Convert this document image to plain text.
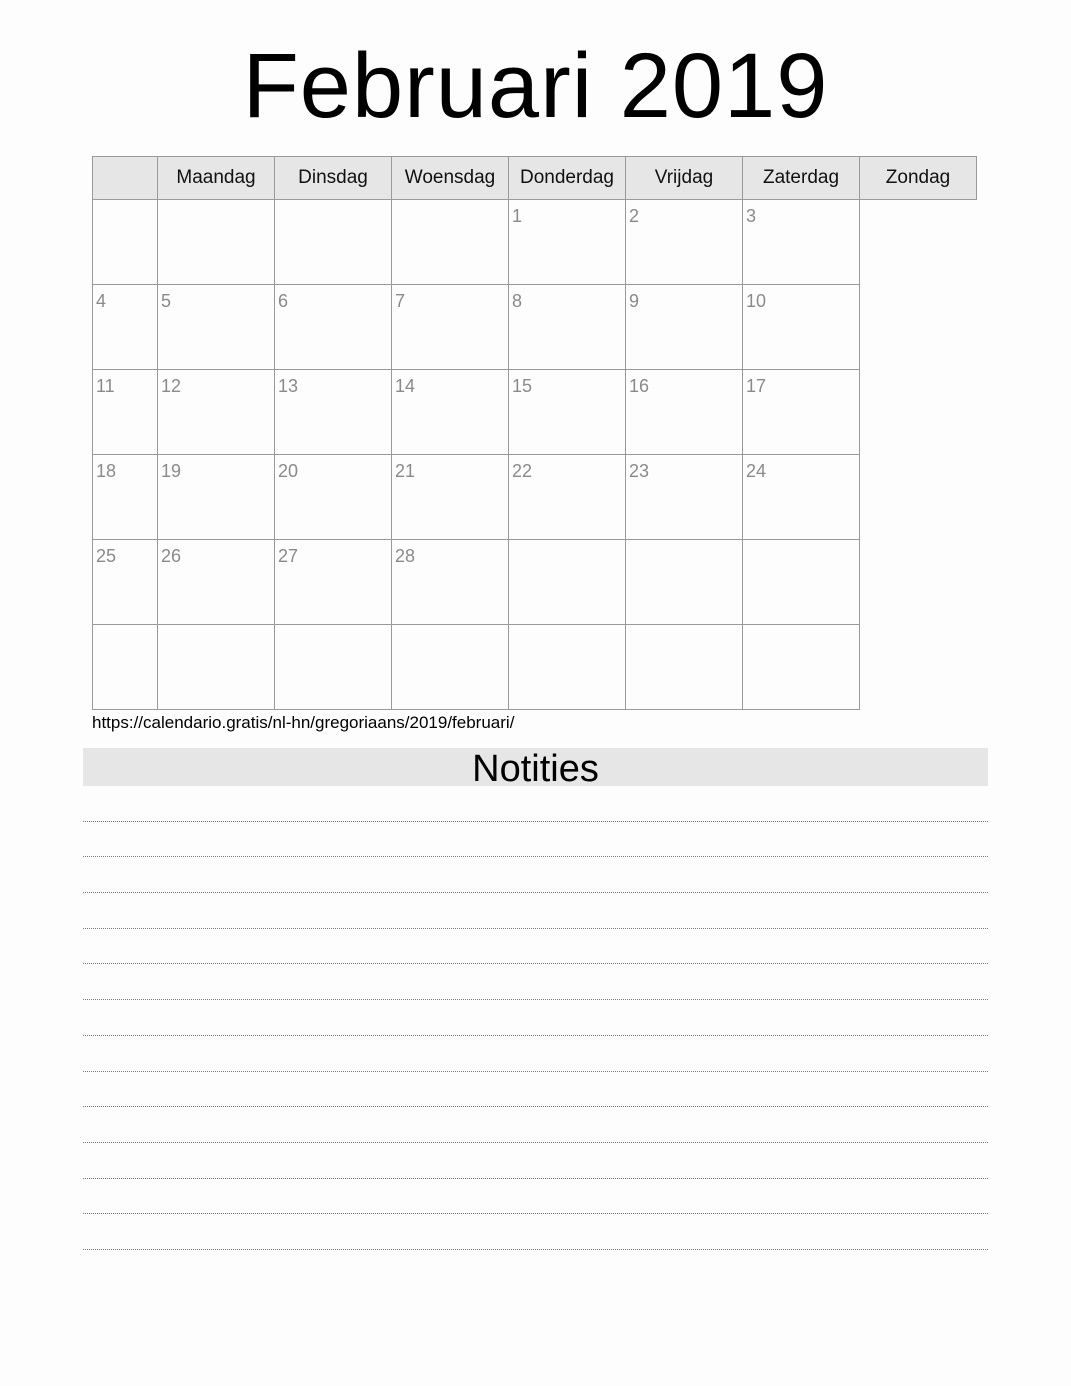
Februari 2019
	Maandag	Dinsdag	Woensdag	Donderdag	Vrijdag	Zaterdag	Zondag

				1	2	3	

4	5	6	7	8	9	10	

11	12	13	14	15	16	17	

18	19	20	21	22	23	24	

25	26	27	28				

https://calendario.gratis/nl-hn/gregoriaans/2019/februari/
Notities
